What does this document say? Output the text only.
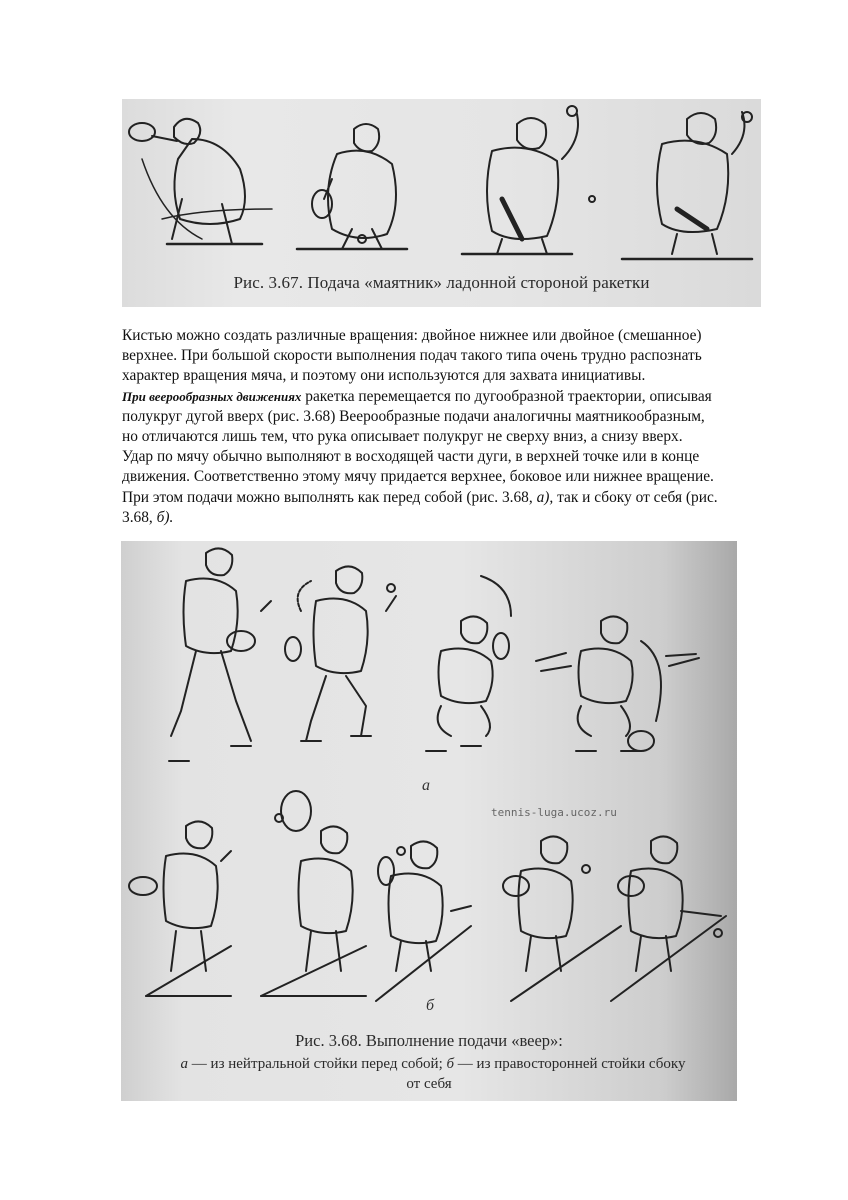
Рис. 3.67. Подача «маятник» ладонной стороной ракетки

Кистью можно создать различные вращения: двойное нижнее или двойное (смешанное)

верхнее. При большой скорости выполнения подач такого типа очень трудно распознать

характер вращения мяча, и поэтому они используются для захвата инициативы.

При веерообразных движениях ракетка перемещается по дугообразной траектории, описывая

полукруг дугой вверх (рис. 3.68) Веерообразные подачи аналогичны маятникообразным,

но отличаются лишь тем, что рука описывает полукруг не сверху вниз, а снизу вверх.

Удар по мячу обычно выполняют в восходящей части дуги, в верхней точке или в конце

движения. Соответственно этому мячу придается верхнее, боковое или нижнее вращение.

При этом подачи можно выполнять как перед собой (рис. 3.68, а), так и сбоку от себя (рис.

3.68, б).

а
tennis-luga.ucoz.ru
б
Рис. 3.68. Выполнение подачи «веер»:
а — из нейтральной стойки перед собой; б — из правосторонней стойки сбоку
от себя
